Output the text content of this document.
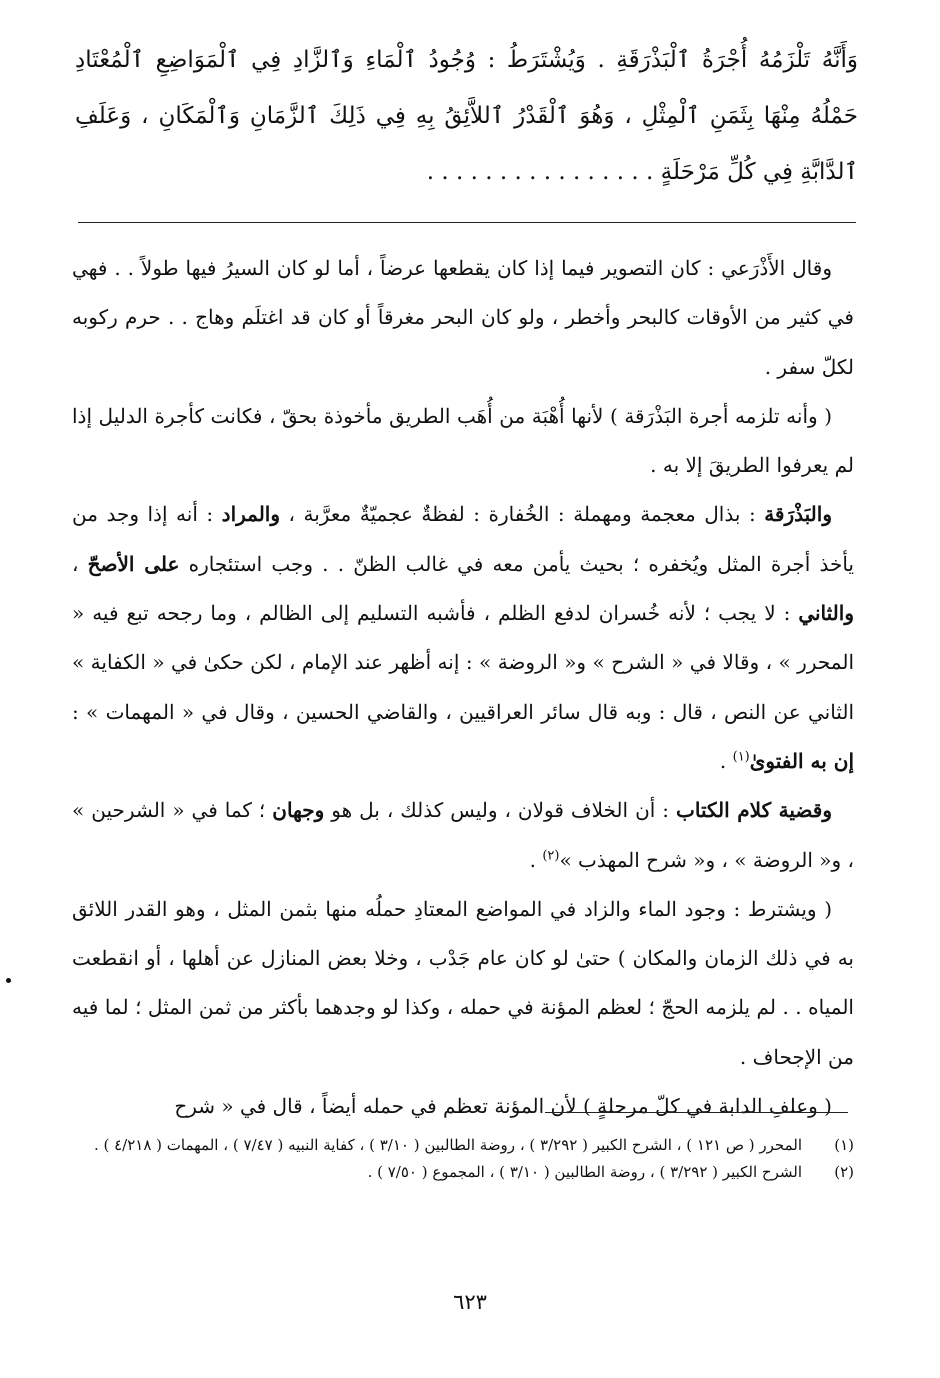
وَأَنَّهُ تَلْزَمُهُ أُجْرَةُ ٱلْبَذْرَقَةِ . وَيُشْتَرَطُ : وُجُودُ ٱلْمَاءِ وَٱلزَّادِ فِي ٱلْمَوَاضِعِ ٱلْمُعْتَادِ حَمْلُهُ مِنْهَا بِثَمَنِ ٱلْمِثْلِ ، وَهُوَ ٱلْقَدْرُ ٱللاَّئِقُ بِهِ فِي ذَلِكَ ٱلزَّمَانِ وَٱلْمَكَانِ ، وَعَلَفِ ٱلدَّابَّةِ فِي كُلِّ مَرْحَلَةٍ . . . . . . . . . . . . . . . .

وقال الأَذْرَعي : كان التصوير فيما إذا كان يقطعها عرضاً ، أما لو كان السيرُ فيها طولاً . . فهي في كثير من الأوقات كالبحر وأخطر ، ولو كان البحر مغرقاً أو كان قد اغتلَم وهاج . . حرم ركوبه لكلّ سفر .

( وأنه تلزمه أجرة البَذْرَقة ) لأنها أُهْبَة من أُهَب الطريق مأخوذة بحقّ ، فكانت كأجرة الدليل إذا لم يعرفوا الطريقَ إلا به .

والبَذْرَقة : بذال معجمة ومهملة : الخُفارة : لفظةٌ عجميّةٌ معرَّبة ، والمراد : أنه إذا وجد من يأخذ أجرة المثل ويُخفره ؛ بحيث يأمن معه في غالب الظنّ . . وجب استئجاره على الأصحّ ، والثاني : لا يجب ؛ لأنه خُسران لدفع الظلم ، فأشبه التسليم إلى الظالم ، وما رجحه تبع فيه « المحرر » ، وقالا في « الشرح » و« الروضة » : إنه أظهر عند الإمام ، لكن حكىٰ في « الكفاية » الثاني عن النص ، قال : وبه قال سائر العراقيين ، والقاضي الحسين ، وقال في « المهمات » : إن به الفتوىٰ$^{(١)}$ .

وقضية كلام الكتاب : أن الخلاف قولان ، وليس كذلك ، بل هو وجهان ؛ كما في « الشرحين » ، و« الروضة » ، و« شرح المهذب »$^{(٢)}$ .

( ويشترط : وجود الماء والزاد في المواضع المعتادِ حملُه منها بثمن المثل ، وهو القدر اللائق به في ذلك الزمان والمكان ) حتىٰ لو كان عام جَدْب ، وخلا بعض المنازل عن أهلها ، أو انقطعت المياه . . لم يلزمه الحجّ ؛ لعظم المؤنة في حمله ، وكذا لو وجدهما بأكثر من ثمن المثل ؛ لما فيه من الإجحاف .

( وعلفِ الدابة في كلّ مرحلةٍ ) لأن المؤنة تعظم في حمله أيضاً ، قال في « شرح

(١)
المحرر ( ص ١٢١ ) ، الشرح الكبير ( ٣/٢٩٢ ) ، روضة الطالبين ( ٣/١٠ ) ، كفاية النبيه ( ٧/٤٧ ) ، المهمات ( ٤/٢١٨ ) .
(٢)
الشرح الكبير ( ٣/٢٩٢ ) ، روضة الطالبين ( ٣/١٠ ) ، المجموع ( ٧/٥٠ ) .
٦٢٣
